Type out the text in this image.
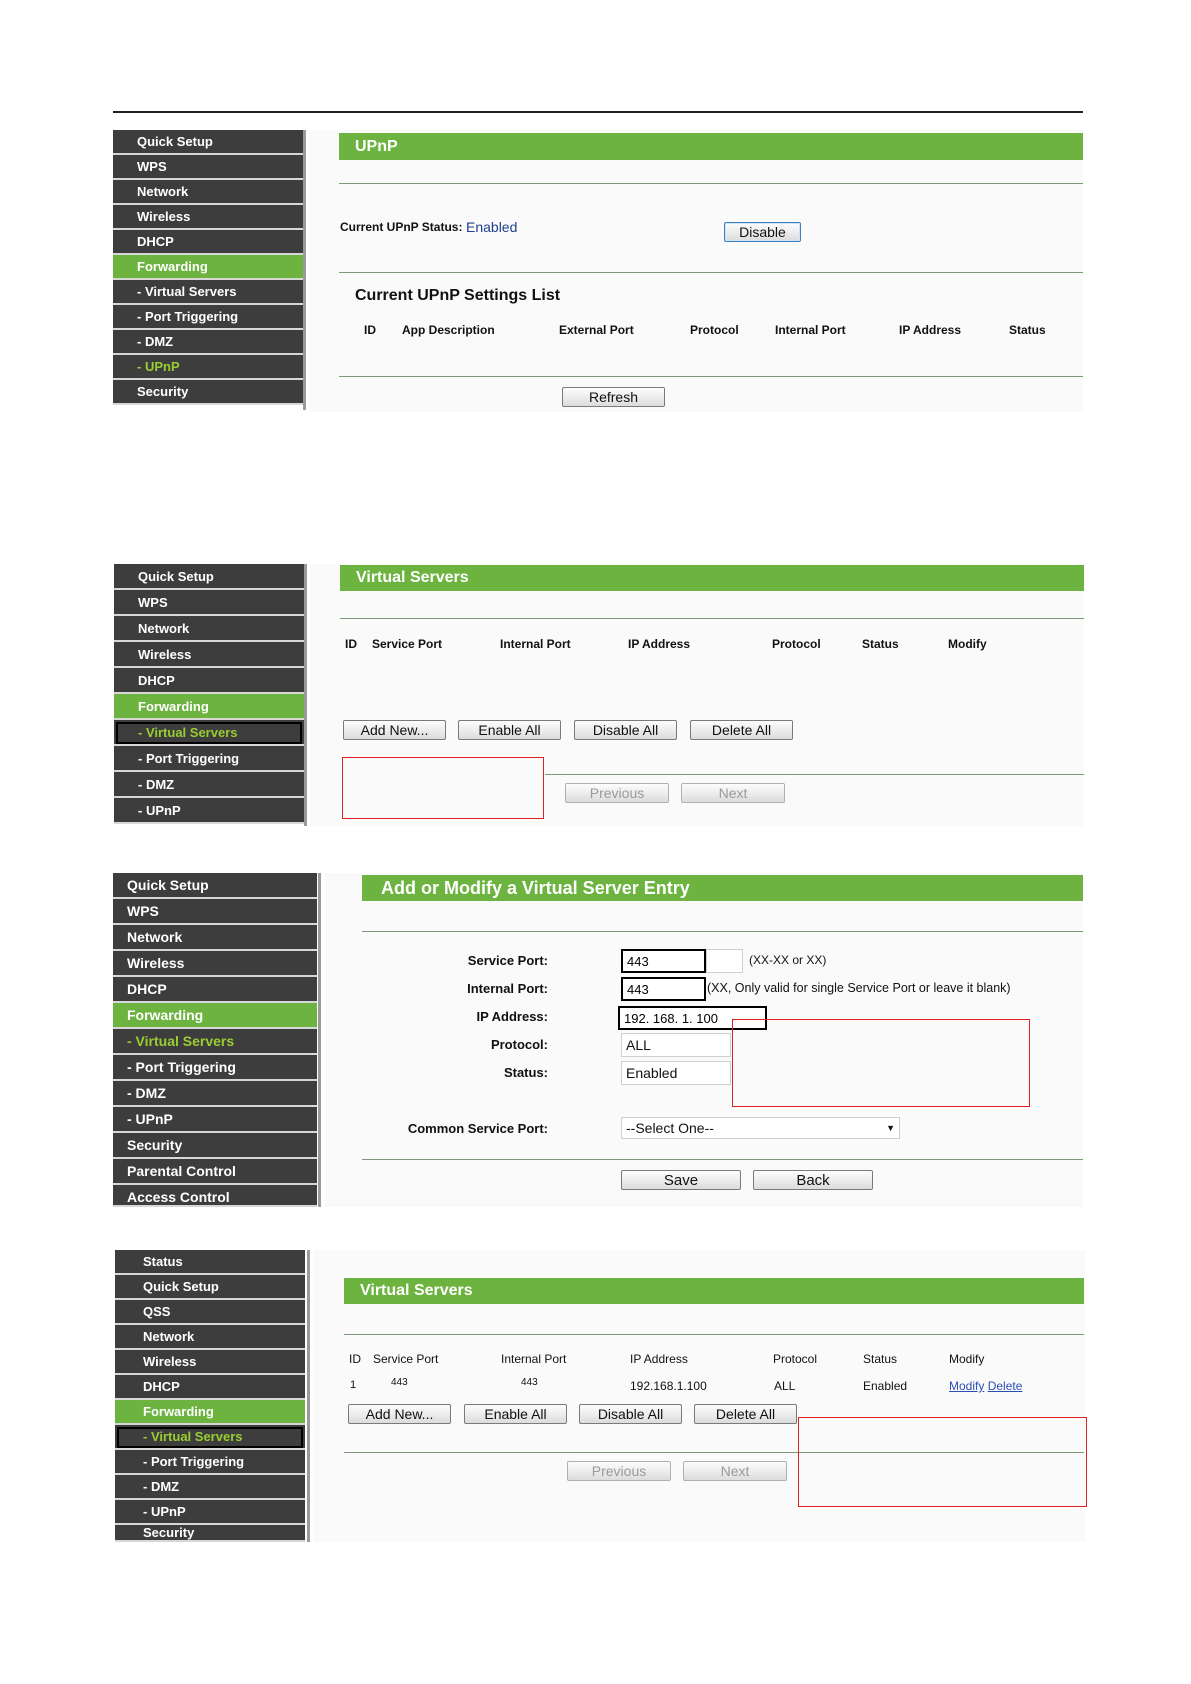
Quick Setup
WPS
Network
Wireless
DHCP
Forwarding
- Virtual Servers
- Port Triggering
- DMZ
- UPnP
Security
UPnP
Current UPnP Status: Enabled	Disable
Current UPnP Settings List
ID App Description	External Port	Protocol	Internal Port	IP Address	Status
Refresh
Quick Setup
WPS
Network
Wireless
DHCP
Forwarding
- Virtual Servers
- Port Triggering
- DMZ
- UPnP
Virtual Servers
ID Service Port	Internal Port	IP Address	Protocol	Status	Modify
Add New...	Enable All	Disable All	Delete All
Previous	Next
Quick Setup
WPS
Network
Wireless
DHCP
Forwarding
- Virtual Servers
- Port Triggering
- DMZ
- UPnP
Security
Parental Control
Access Control
Add or Modify a Virtual Server Entry
Service Port:
443	(XX-XX or XX)
Internal Port:
443	(XX, Only valid for single Service Port or leave it blank)
IP Address:
192. 168. 1. 100
Protocol:	ALL
Status:	Enabled
Common Service Port:	--Select One--	▼
Save	Back
Status
Quick Setup
QSS
Network
Wireless
DHCP
Forwarding
- Virtual Servers
- Port Triggering
- DMZ
- UPnP
Security
Virtual Servers
ID Service Port	Internal Port	IP Address	Protocol	Status	Modify
1	443	443	192.168.1.100	ALL	Enabled	Modify Delete
Add New...	Enable All	Disable All	Delete All
Previous	Next
